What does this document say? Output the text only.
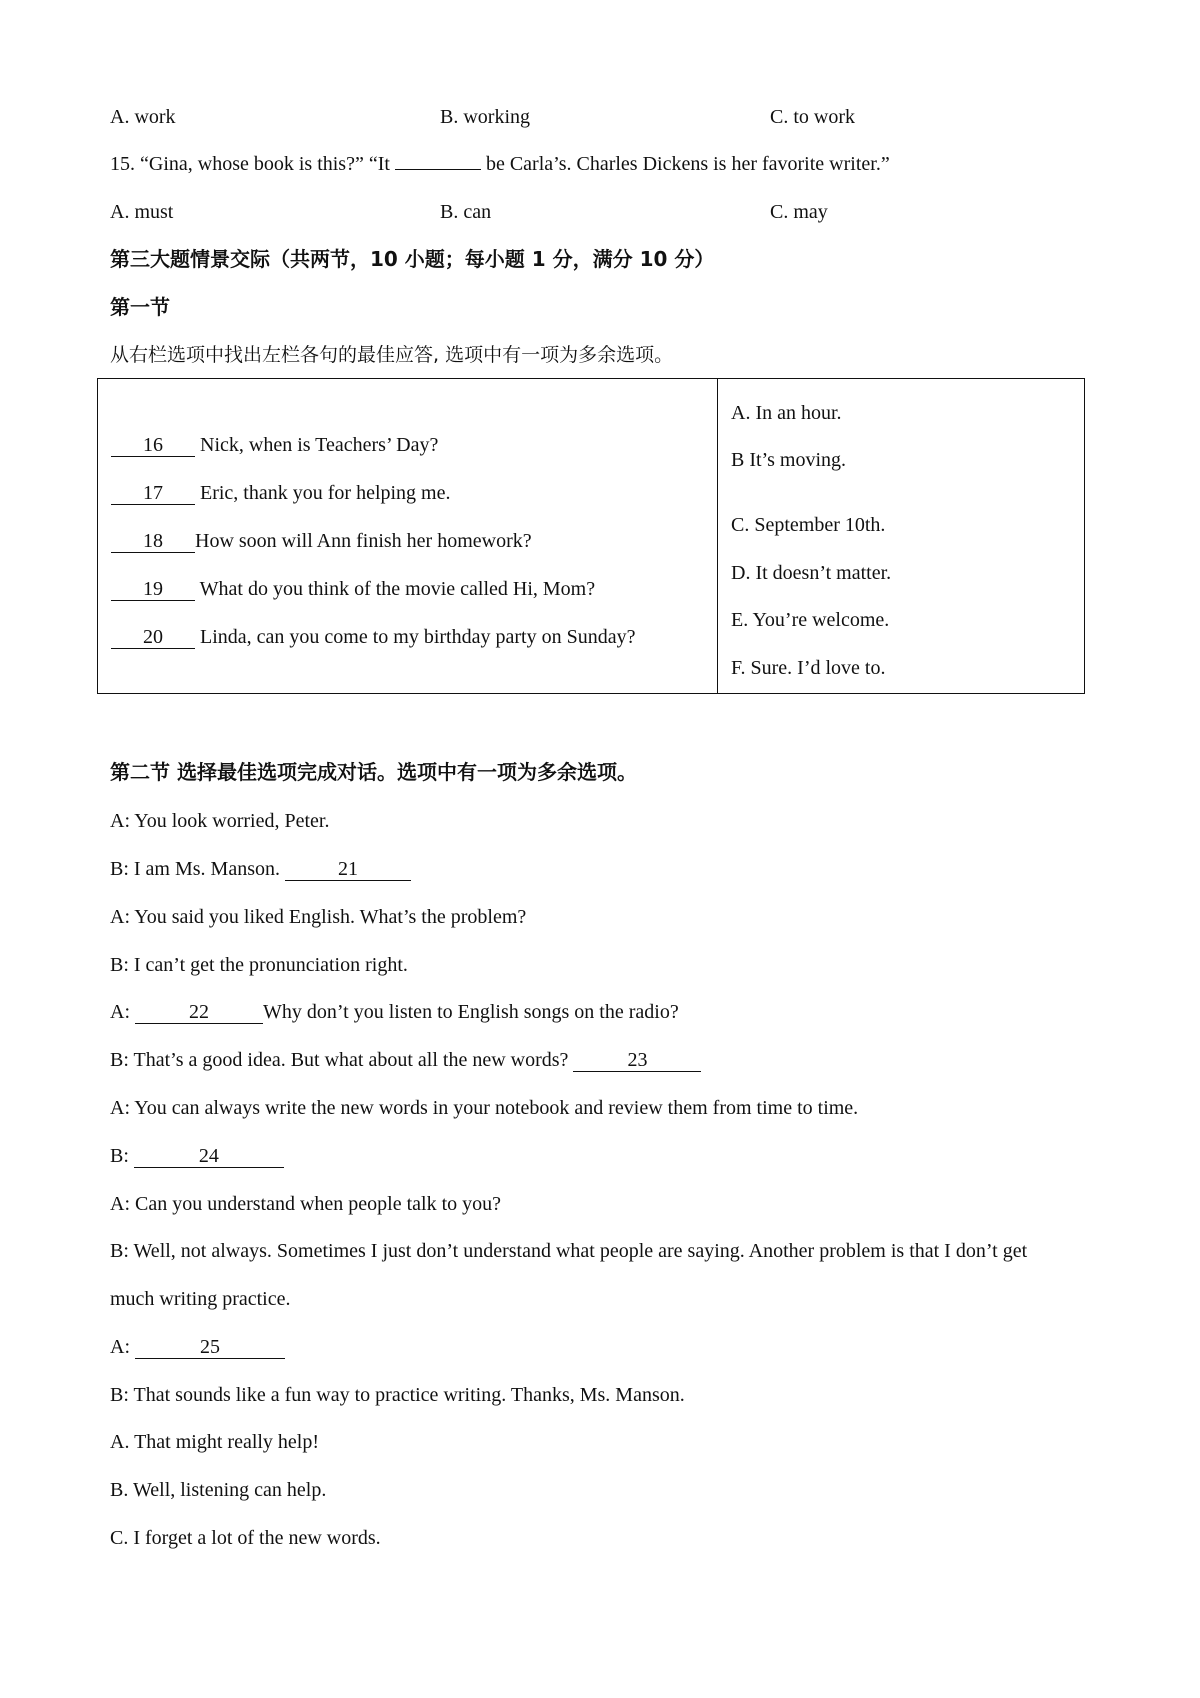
A. work	B. working	C. to work
15. “Gina, whose book is this?” “It	be Carla’s. Charles Dickens is her favorite writer.”
A. must	B. can	C. may
第三大题情景交际（共两节，10 小题；每小题 1 分，满分 10 分）
第一节
从右栏选项中找出左栏各句的最佳应答, 选项中有一项为多余选项。
16 Nick, when is Teachers’ Day?
17 Eric, thank you for helping me.
18 How soon will Ann finish her homework?
19 What do you think of the movie called Hi, Mom?
20 Linda, can you come to my birthday party on Sunday?
A. In an hour.
B It’s moving.
C. September 10th.
D. It doesn’t matter.
E. You’re welcome.
F. Sure. I’d love to.
第二节 选择最佳选项完成对话。选项中有一项为多余选项。
A: You look worried, Peter.
B: I am Ms. Manson.	21
A: You said you liked English. What’s the problem?
B: I can’t get the pronunciation right.
A:	22	Why don’t you listen to English songs on the radio?
B: That’s a good idea. But what about all the new words?	23
A: You can always write the new words in your notebook and review them from time to time.
B:	24
A: Can you understand when people talk to you?
B: Well, not always. Sometimes I just don’t understand what people are saying. Another problem is that I don’t get
much writing practice.
A:	25
B: That sounds like a fun way to practice writing. Thanks, Ms. Manson.
A. That might really help!
B. Well, listening can help.
C. I forget a lot of the new words.
